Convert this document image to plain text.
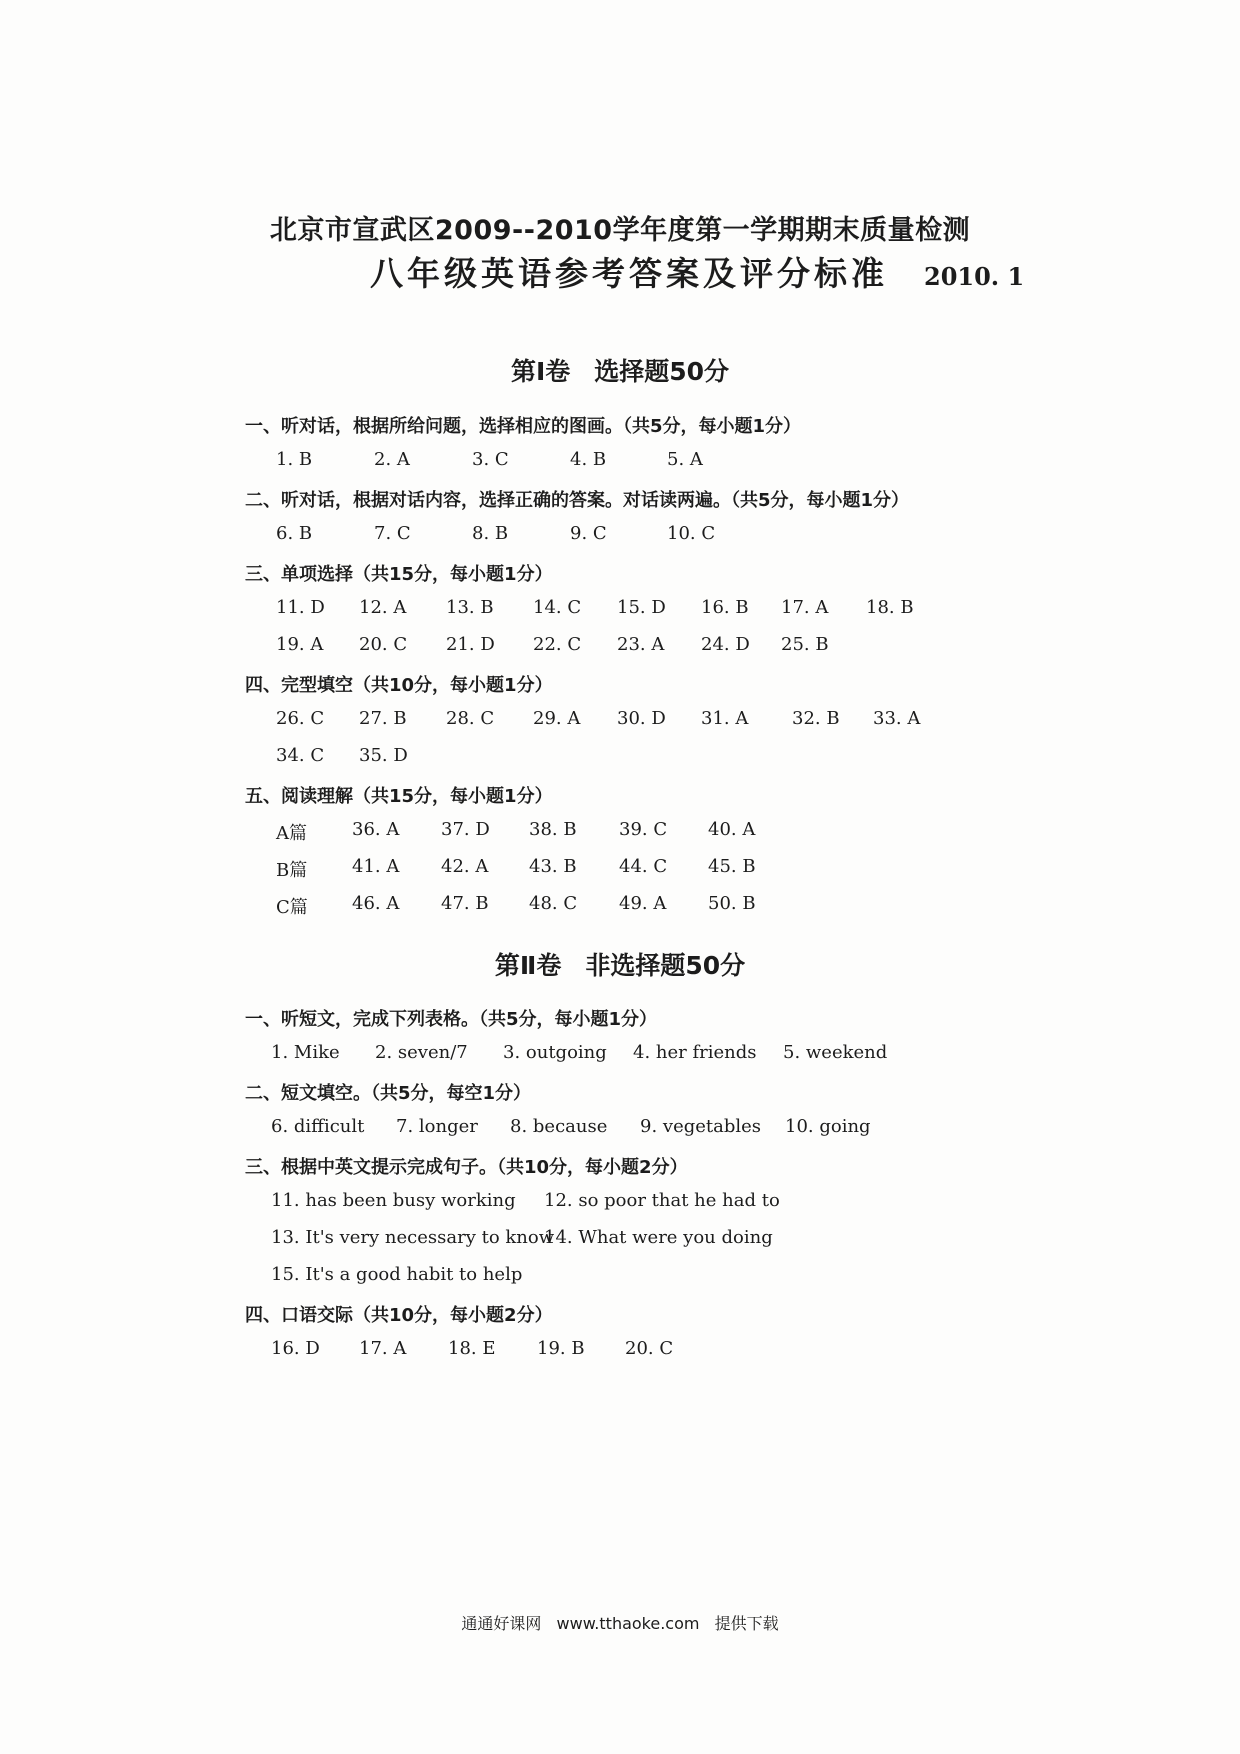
北京市宣武区2009--2010学年度第一学期期末质量检测
八年级英语参考答案及评分标准 2010. 1
第Ⅰ卷 选择题50分
一、听对话，根据所给问题，选择相应的图画。（共5分，每小题1分）
1. B	2. A	3. C	4. B	5. A
二、听对话，根据对话内容，选择正确的答案。对话读两遍。（共5分，每小题1分）
6. B	7. C	8. B	9. C	10. C
三、单项选择（共15分，每小题1分）
11. D 12. A 13. B 14. C 15. D 16. B 17. A 18. B
19. A 20. C 21. D 22. C 23. A 24. D 25. B
四、完型填空（共10分，每小题1分）
26. C 27. B 28. C 29. A 30. D 31. A 32. B 33. A
34. C 35. D
五、阅读理解（共15分，每小题1分）
A篇	36. A 37. D 38. B 39. C 40. A
B篇 41. A 42. A 43. B 44. C 45. B
C篇 46. A 47. B 48. C 49. A 50. B
第Ⅱ卷 非选择题50分
一、听短文，完成下列表格。（共5分，每小题1分）
1. Mike 2. seven/7 3. outgoing 4. her friends 5. weekend
二、短文填空。（共5分，每空1分）
6. difficult 7. longer 8. because 9. vegetables 10. going
三、根据中英文提示完成句子。（共10分，每小题2分）
11. has been busy working 12. so poor that he had to
13. It's very necessary to know
14. What were you doing
15. It's a good habit to help
四、口语交际（共10分，每小题2分）
16. D 17. A 18. E 19. B 20. C
通通好课网 www.tthaoke.com 提供下载
